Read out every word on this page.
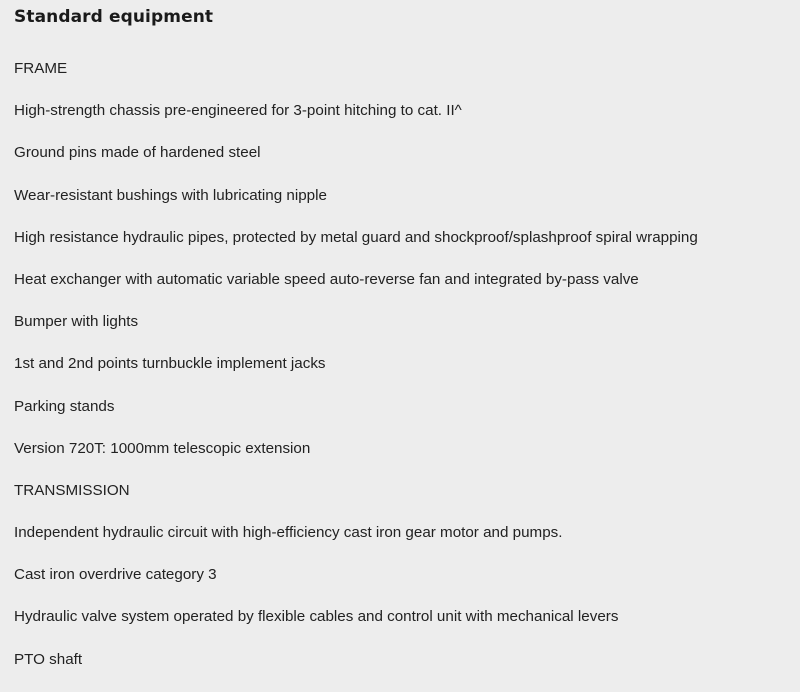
Standard equipment
FRAME
High-strength chassis pre-engineered for 3-point hitching to cat. II^
Ground pins made of hardened steel
Wear-resistant bushings with lubricating nipple
High resistance hydraulic pipes, protected by metal guard and shockproof/splashproof spiral wrapping
Heat exchanger with automatic variable speed auto-reverse fan and integrated by-pass valve
Bumper with lights
1st and 2nd points turnbuckle implement jacks
Parking stands
Version 720T: 1000mm telescopic extension
TRANSMISSION
Independent hydraulic circuit with high-efficiency cast iron gear motor and pumps.
Cast iron overdrive category 3
Hydraulic valve system operated by flexible cables and control unit with mechanical levers
PTO shaft
